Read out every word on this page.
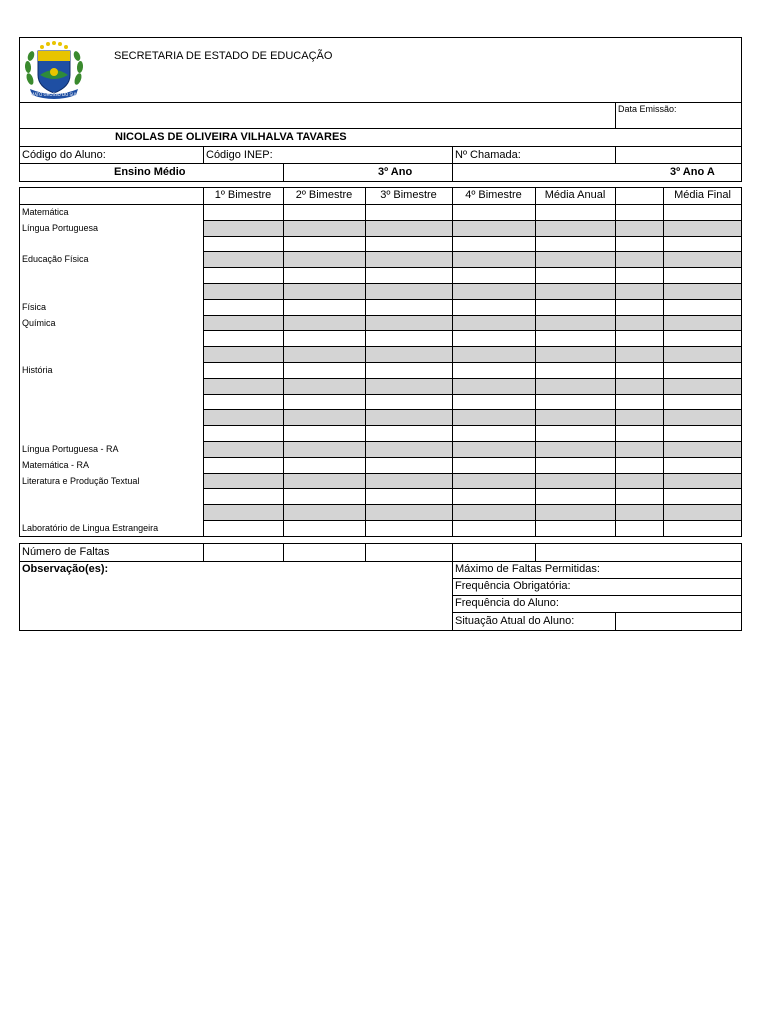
MATO GROSSO DO SUL
SECRETARIA DE ESTADO DE EDUCAÇÃO
Data Emissão:
NICOLAS DE OLIVEIRA VILHALVA TAVARES
Código do Aluno:	Código INEP:	Nº Chamada:
Ensino Médio	3º Ano	3º Ano A
1º Bimestre	2º Bimestre	3º Bimestre	4º Bimestre	Média Anual	Média Final
Matemática
Língua Portuguesa
Educação Física
Física
Química
História
Língua Portuguesa - RA
Matemática - RA
Literatura e Produção Textual
Laboratório de Lingua Estrangeira
Número de Faltas
Observação(es):	Máximo de Faltas Permitidas:
Frequência Obrigatória:
Frequência do Aluno:
Situação Atual do Aluno:
